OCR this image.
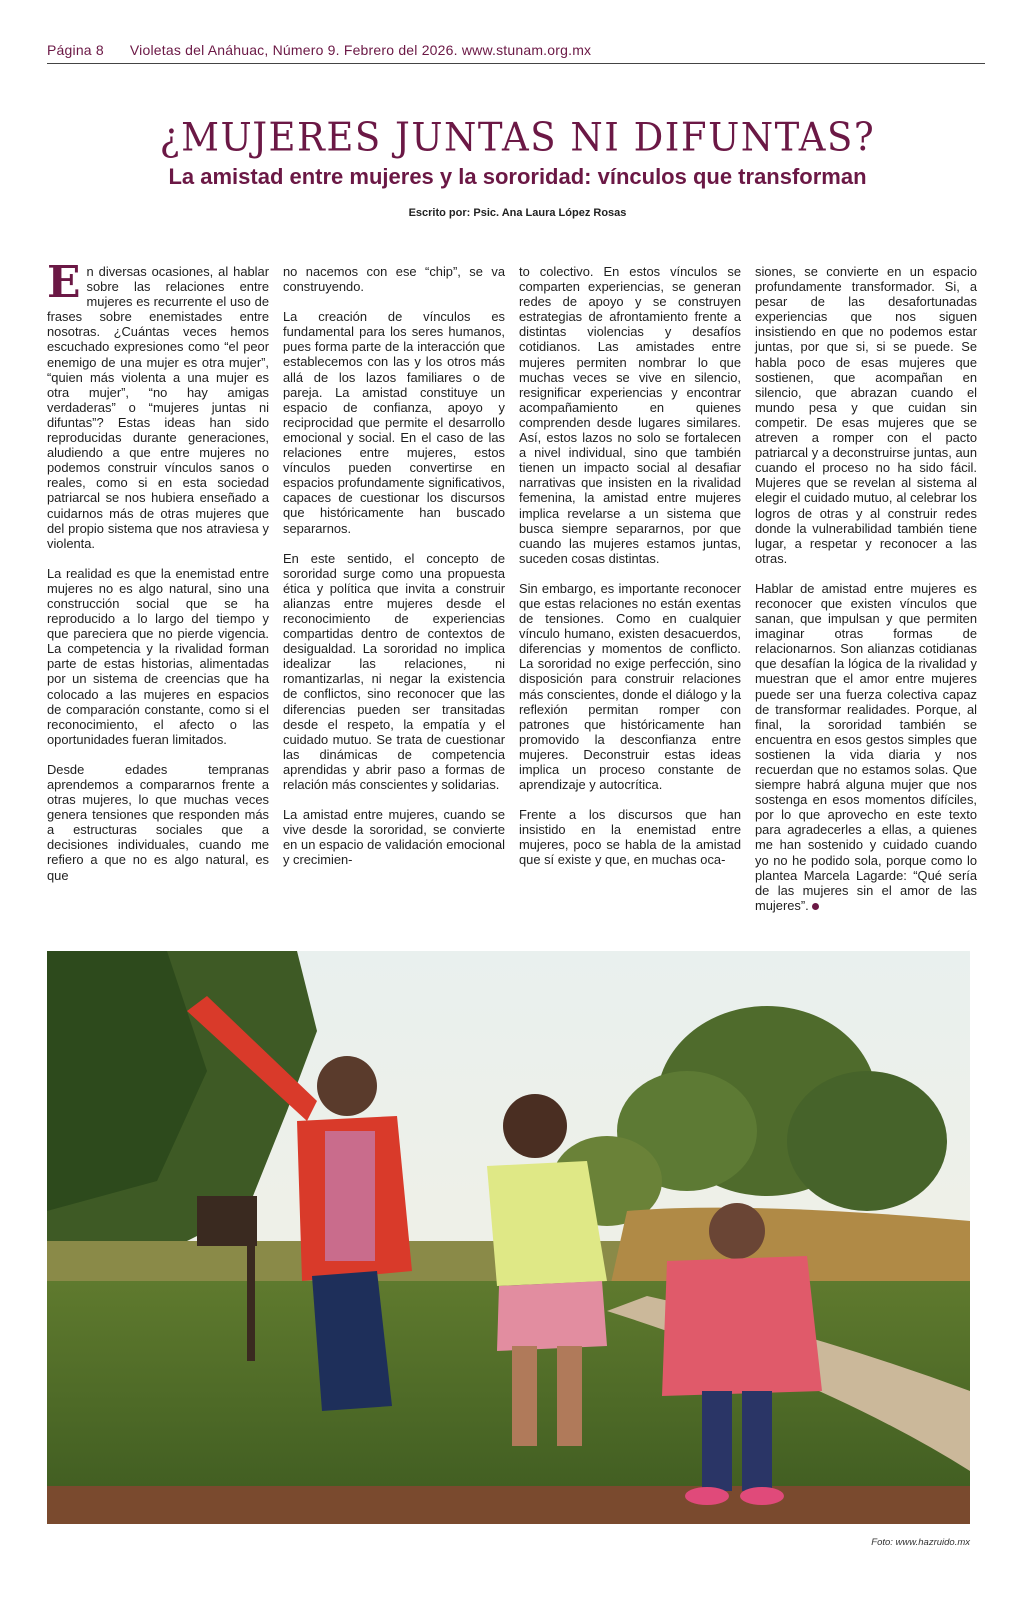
Página 8 Violetas del Anáhuac, Número 9. Febrero del 2026. www.stunam.org.mx
¿MUJERES JUNTAS NI DIFUNTAS?
La amistad entre mujeres y la sororidad: vínculos que transforman
Escrito por: Psic. Ana Laura López Rosas

En diversas ocasiones, al hablar sobre las relaciones entre mujeres es recurrente el uso de frases sobre enemistades entre nosotras. ¿Cuántas veces hemos escuchado expresiones como “el peor enemigo de una mujer es otra mujer”, “quien más violenta a una mujer es otra mujer”, “no hay amigas verdaderas” o “mujeres juntas ni difuntas”? Estas ideas han sido reproducidas durante generaciones, aludiendo a que entre mujeres no podemos construir vínculos sanos o reales, como si en esta sociedad patriarcal se nos hubiera enseñado a cuidarnos más de otras mujeres que del propio sistema que nos atraviesa y violenta.

La realidad es que la enemistad entre mujeres no es algo natural, sino una construcción social que se ha reproducido a lo largo del tiempo y que pareciera que no pierde vigencia. La competencia y la rivalidad forman parte de estas historias, alimentadas por un sistema de creencias que ha colocado a las mujeres en espacios de comparación constante, como si el reconocimiento, el afecto o las oportunidades fueran limitados.

Desde edades tempranas aprendemos a compararnos frente a otras mujeres, lo que muchas veces genera tensiones que responden más a estructuras sociales que a decisiones individuales, cuando me refiero a que no es algo natural, es que

no nacemos con ese “chip”, se va construyendo.

La creación de vínculos es fundamental para los seres humanos, pues forma parte de la interacción que establecemos con las y los otros más allá de los lazos familiares o de pareja. La amistad constituye un espacio de confianza, apoyo y reciprocidad que permite el desarrollo emocional y social. En el caso de las relaciones entre mujeres, estos vínculos pueden convertirse en espacios profundamente significativos, capaces de cuestionar los discursos que históricamente han buscado separarnos.

En este sentido, el concepto de sororidad surge como una propuesta ética y política que invita a construir alianzas entre mujeres desde el reconocimiento de experiencias compartidas dentro de contextos de desigualdad. La sororidad no implica idealizar las relaciones, ni romantizarlas, ni negar la existencia de conflictos, sino reconocer que las diferencias pueden ser transitadas desde el respeto, la empatía y el cuidado mutuo. Se trata de cuestionar las dinámicas de competencia aprendidas y abrir paso a formas de relación más conscientes y solidarias.

La amistad entre mujeres, cuando se vive desde la sororidad, se convierte en un espacio de validación emocional y crecimien-

to colectivo. En estos vínculos se comparten experiencias, se generan redes de apoyo y se construyen estrategias de afrontamiento frente a distintas violencias y desafíos cotidianos. Las amistades entre mujeres permiten nombrar lo que muchas veces se vive en silencio, resignificar experiencias y encontrar acompañamiento en quienes comprenden desde lugares similares. Así, estos lazos no solo se fortalecen a nivel individual, sino que también tienen un impacto social al desafiar narrativas que insisten en la rivalidad femenina, la amistad entre mujeres implica revelarse a un sistema que busca siempre separarnos, por que cuando las mujeres estamos juntas, suceden cosas distintas.

Sin embargo, es importante reconocer que estas relaciones no están exentas de tensiones. Como en cualquier vínculo humano, existen desacuerdos, diferencias y momentos de conflicto. La sororidad no exige perfección, sino disposición para construir relaciones más conscientes, donde el diálogo y la reflexión permitan romper con patrones que históricamente han promovido la desconfianza entre mujeres. Deconstruir estas ideas implica un proceso constante de aprendizaje y autocrítica.

Frente a los discursos que han insistido en la enemistad entre mujeres, poco se habla de la amistad que sí existe y que, en muchas oca-

siones, se convierte en un espacio profundamente transformador. Si, a pesar de las desafortunadas experiencias que nos siguen insistiendo en que no podemos estar juntas, por que si, si se puede. Se habla poco de esas mujeres que sostienen, que acompañan en silencio, que abrazan cuando el mundo pesa y que cuidan sin competir. De esas mujeres que se atreven a romper con el pacto patriarcal y a deconstruirse juntas, aun cuando el proceso no ha sido fácil. Mujeres que se revelan al sistema al elegir el cuidado mutuo, al celebrar los logros de otras y al construir redes donde la vulnerabilidad también tiene lugar, a respetar y reconocer a las otras.

Hablar de amistad entre mujeres es reconocer que existen vínculos que sanan, que impulsan y que permiten imaginar otras formas de relacionarnos. Son alianzas cotidianas que desafían la lógica de la rivalidad y muestran que el amor entre mujeres puede ser una fuerza colectiva capaz de transformar realidades. Porque, al final, la sororidad también se encuentra en esos gestos simples que sostienen la vida diaria y nos recuerdan que no estamos solas. Que siempre habrá alguna mujer que nos sostenga en esos momentos difíciles, por lo que aprovecho en este texto para agradecerles a ellas, a quienes me han sostenido y cuidado cuando yo no he podido sola, porque como lo plantea Marcela Lagarde: “Qué sería de las mujeres sin el amor de las mujeres”.

Foto: www.hazruido.mx
